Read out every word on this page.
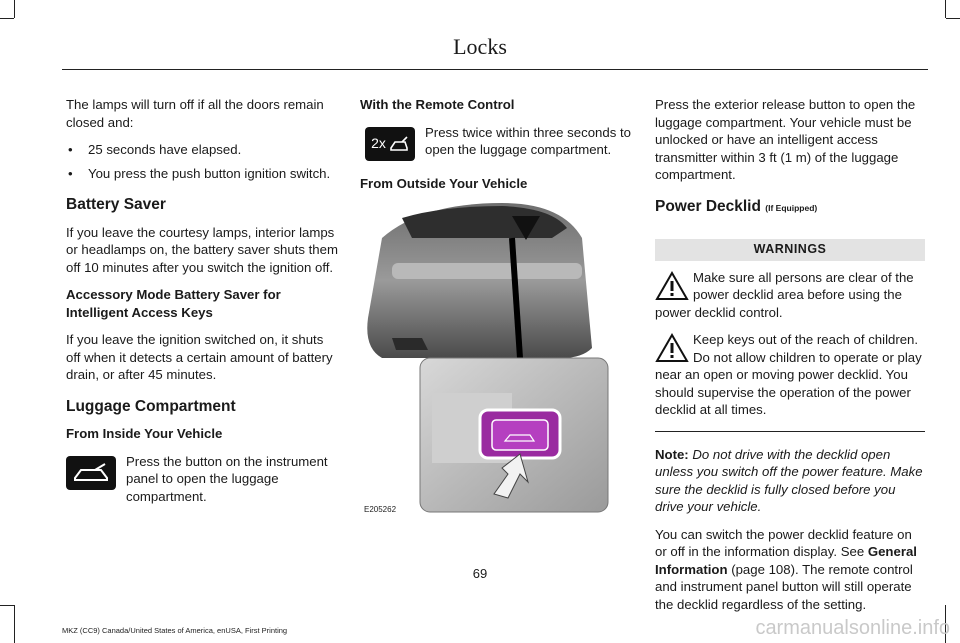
Locks

The lamps will turn off if all the doors remain closed and:

• 25 seconds have elapsed.
• You press the push button ignition switch.
Battery Saver

If you leave the courtesy lamps, interior lamps or headlamps on, the battery saver shuts them off 10 minutes after you switch the ignition off.

Accessory Mode Battery Saver for Intelligent Access Keys

If you leave the ignition switched on, it shuts off when it detects a certain amount of battery drain, or after 45 minutes.

Luggage Compartment
From Inside Your Vehicle
Press the button on the instrument panel to open the luggage compartment.
With the Remote Control
2x
Press twice within three seconds to open the luggage compartment.
From Outside Your Vehicle
E205262

Press the exterior release button to open the luggage compartment. Your vehicle must be unlocked or have an intelligent access transmitter within 3 ft (1 m) of the luggage compartment.

Power Decklid (If Equipped)
WARNINGS
Make sure all persons are clear of the power decklid area before using the power decklid control.
Keep keys out of the reach of children. Do not allow children to operate or play near an open or moving power decklid. You should supervise the operation of the power decklid at all times.

Note: Do not drive with the decklid open unless you switch off the power feature. Make sure the decklid is fully closed before you drive your vehicle.

You can switch the power decklid feature on or off in the information display. See General Information (page 108). The remote control and instrument panel button will still operate the decklid regardless of the setting.

69
MKZ (CC9) Canada/United States of America, enUSA, First Printing	carmanualsonline.info
